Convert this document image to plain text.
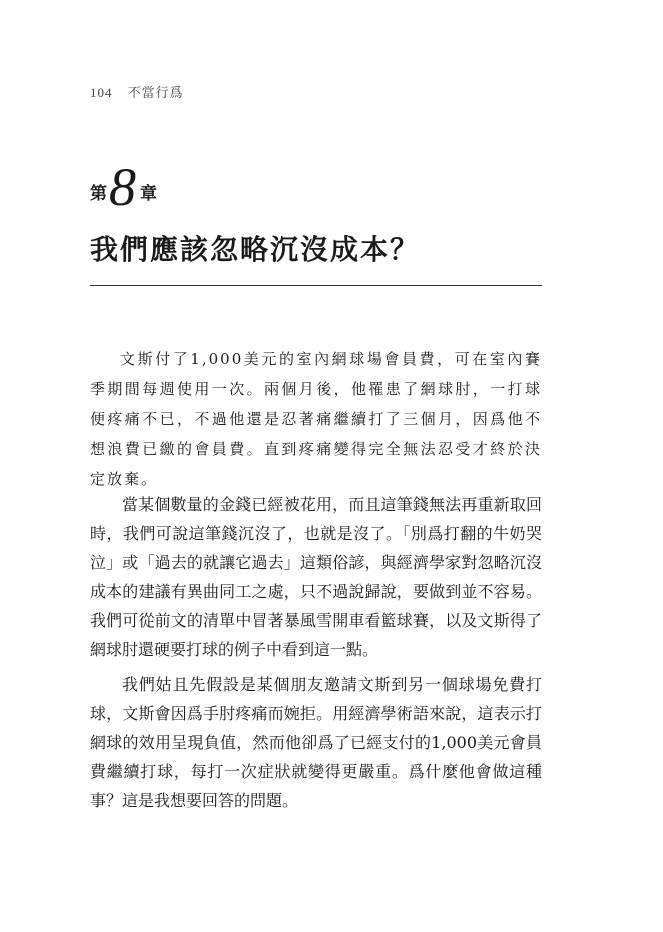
104 不當行爲
第 8 章
我們應該忽略沉沒成本？

文斯付了1,000美元的室內網球場會員費，可在室內賽季期間每週使用一次。兩個月後，他罹患了網球肘，一打球便疼痛不已，不過他還是忍著痛繼續打了三個月，因爲他不想浪費已繳的會員費。直到疼痛變得完全無法忍受才終於決定放棄。

當某個數量的金錢已經被花用，而且這筆錢無法再重新取回時，我們可說這筆錢沉沒了，也就是沒了。「別爲打翻的牛奶哭泣」或「過去的就讓它過去」這類俗諺，與經濟學家對忽略沉沒成本的建議有異曲同工之處，只不過說歸說，要做到並不容易。我們可從前文的清單中冒著暴風雪開車看籃球賽，以及文斯得了網球肘還硬要打球的例子中看到這一點。

我們姑且先假設是某個朋友邀請文斯到另一個球場免費打球，文斯會因爲手肘疼痛而婉拒。用經濟學術語來說，這表示打網球的效用呈現負值，然而他卻爲了已經支付的1,000美元會員費繼續打球，每打一次症狀就變得更嚴重。爲什麼他會做這種事？這是我想要回答的問題。
